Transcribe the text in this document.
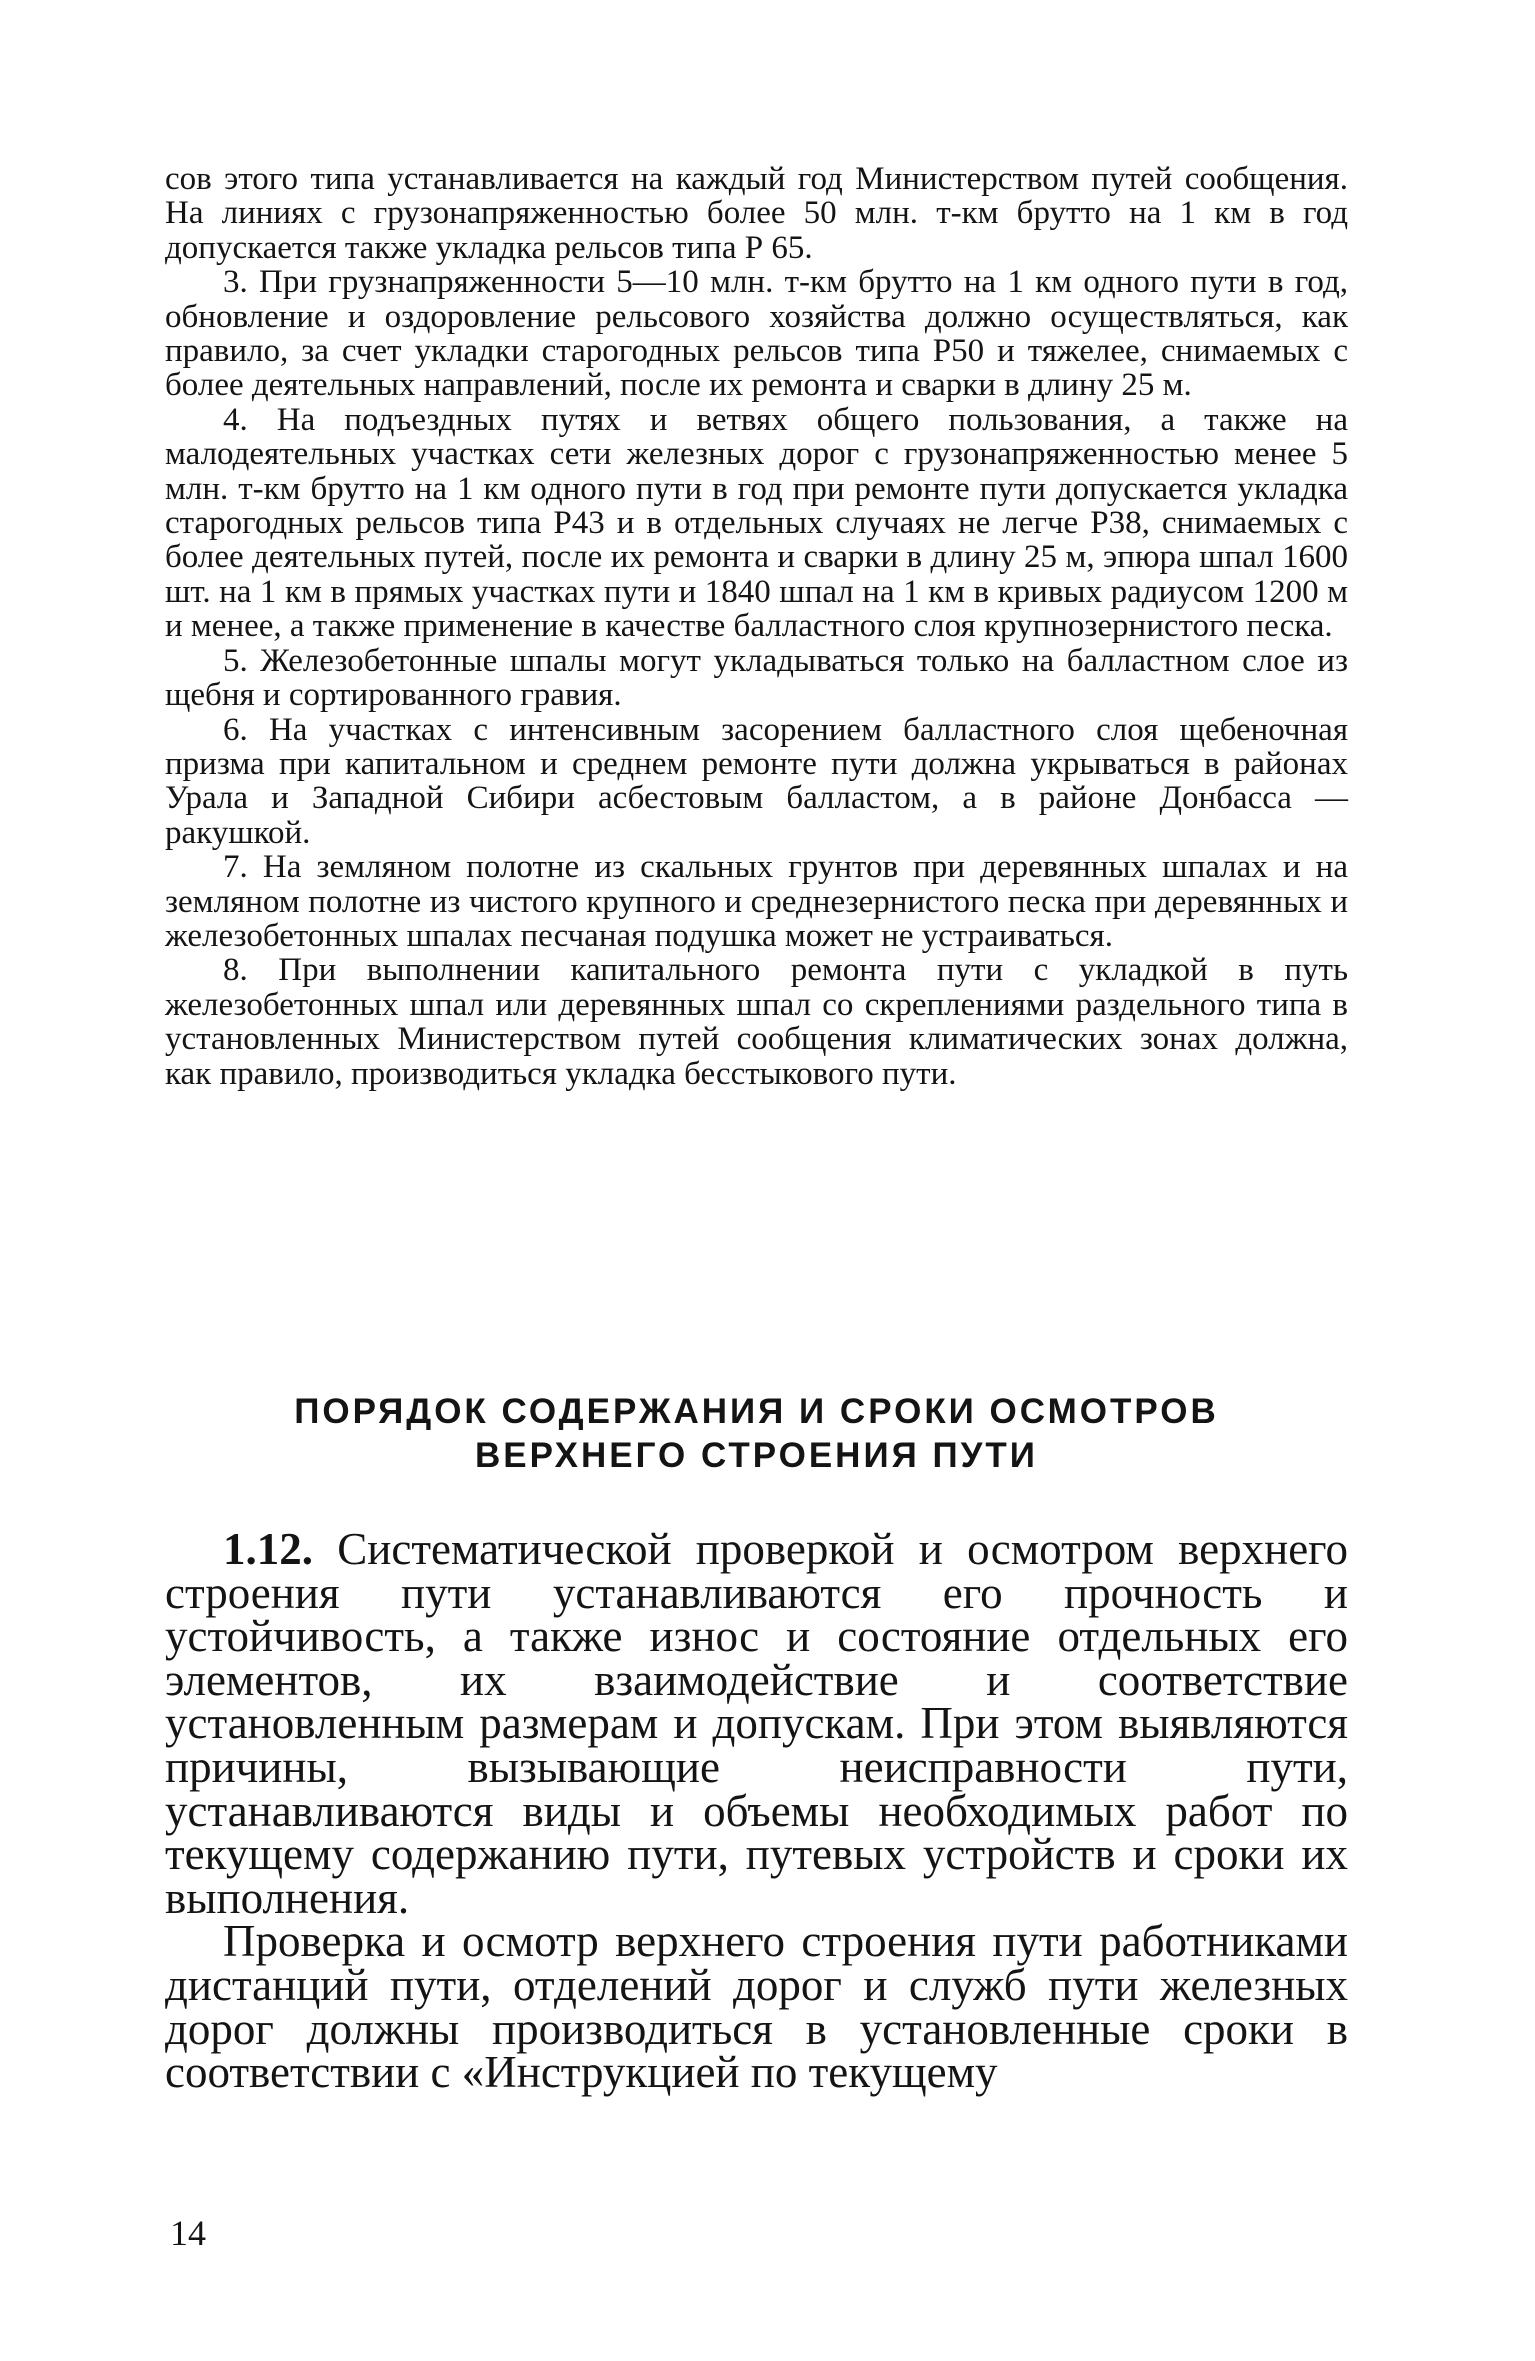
сов этого типа устанавливается на каждый год Министерством путей сообщения. На линиях с грузонапряженностью более 50 млн. т-км брутто на 1 км в год допускается также укладка рельсов типа Р 65.

3. При грузнапряженности 5—10 млн. т-км брутто на 1 км одного пути в год, обновление и оздоровление рельсового хозяйства должно осуществляться, как правило, за счет укладки старогодных рельсов типа Р50 и тяжелее, снимаемых с более деятельных направлений, после их ремонта и сварки в длину 25 м.

4. На подъездных путях и ветвях общего пользования, а также на малодеятельных участках сети железных дорог с грузонапряженностью менее 5 млн. т-км брутто на 1 км одного пути в год при ремонте пути допускается укладка старогодных рельсов типа Р43 и в отдельных случаях не легче Р38, снимаемых с более деятельных путей, после их ремонта и сварки в длину 25 м, эпюра шпал 1600 шт. на 1 км в прямых участках пути и 1840 шпал на 1 км в кривых радиусом 1200 м и менее, а также применение в качестве балластного слоя крупнозернистого песка.

5. Железобетонные шпалы могут укладываться только на балластном слое из щебня и сортированного гравия.

6. На участках с интенсивным засорением балластного слоя щебеночная призма при капитальном и среднем ремонте пути должна укрываться в районах Урала и Западной Сибири асбестовым балластом, а в районе Донбасса — ракушкой.

7. На земляном полотне из скальных грунтов при деревянных шпалах и на земляном полотне из чистого крупного и среднезернистого песка при деревянных и железобетонных шпалах песчаная подушка может не устраиваться.

8. При выполнении капитального ремонта пути с укладкой в путь железобетонных шпал или деревянных шпал со скреплениями раздельного типа в установленных Министерством путей сообщения климатических зонах должна, как правило, производиться укладка бесстыкового пути.

ПОРЯДОК СОДЕРЖАНИЯ И СРОКИ ОСМОТРОВ
ВЕРХНЕГО СТРОЕНИЯ ПУТИ

1.12. Систематической проверкой и осмотром верхнего строения пути устанавливаются его прочность и устойчивость, а также износ и состояние отдельных его элементов, их взаимодействие и соответствие установленным размерам и допускам. При этом выявляются причины, вызывающие неисправности пути, устанавливаются виды и объемы необходимых работ по текущему содержанию пути, путевых устройств и сроки их выполнения.

Проверка и осмотр верхнего строения пути работниками дистанций пути, отделений дорог и служб пути железных дорог должны производиться в установленные сроки в соответствии с «Инструкцией по текущему

14
